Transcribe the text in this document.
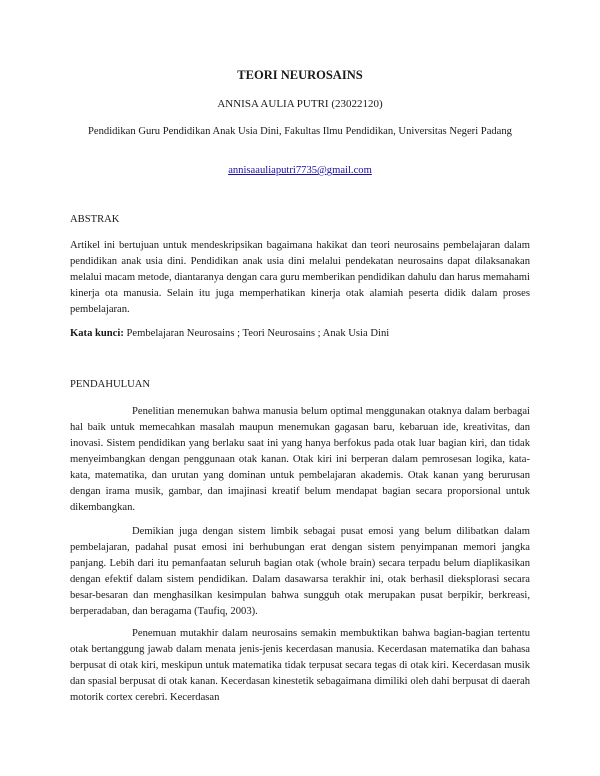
TEORI NEUROSAINS
ANNISA AULIA PUTRI (23022120)
Pendidikan Guru Pendidikan Anak Usia Dini, Fakultas Ilmu Pendidikan, Universitas Negeri Padang
annisaauliaputri7735@gmail.com
ABSTRAK

Artikel ini bertujuan untuk mendeskripsikan bagaimana hakikat dan teori neurosains pembelajaran dalam pendidikan anak usia dini. Pendidikan anak usia dini melalui pendekatan neurosains dapat dilaksanakan melalui macam metode, diantaranya dengan cara guru memberikan pendidikan dahulu dan harus memahami kinerja ota manusia. Selain itu juga memperhatikan kinerja otak alamiah peserta didik dalam proses pembelajaran.

Kata kunci: Pembelajaran Neurosains ; Teori Neurosains ; Anak Usia Dini

PENDAHULUAN

Penelitian menemukan bahwa manusia belum optimal menggunakan otaknya dalam berbagai hal baik untuk memecahkan masalah maupun menemukan gagasan baru, kebaruan ide, kreativitas, dan inovasi. Sistem pendidikan yang berlaku saat ini yang hanya berfokus pada otak luar bagian kiri, dan tidak menyeimbangkan dengan penggunaan otak kanan. Otak kiri ini berperan dalam pemrosesan logika, kata-kata, matematika, dan urutan yang dominan untuk pembelajaran akademis. Otak kanan yang berurusan dengan irama musik, gambar, dan imajinasi kreatif belum mendapat bagian secara proporsional untuk dikembangkan.

Demikian juga dengan sistem limbik sebagai pusat emosi yang belum dilibatkan dalam pembelajaran, padahal pusat emosi ini berhubungan erat dengan sistem penyimpanan memori jangka panjang. Lebih dari itu pemanfaatan seluruh bagian otak (whole brain) secara terpadu belum diaplikasikan dengan efektif dalam sistem pendidikan. Dalam dasawarsa terakhir ini, otak berhasil dieksplorasi secara besar-besaran dan menghasilkan kesimpulan bahwa sungguh otak merupakan pusat berpikir, berkreasi, berperadaban, dan beragama (Taufiq, 2003).

Penemuan mutakhir dalam neurosains semakin membuktikan bahwa bagian-bagian tertentu otak bertanggung jawab dalam menata jenis-jenis kecerdasan manusia. Kecerdasan matematika dan bahasa berpusat di otak kiri, meskipun untuk matematika tidak terpusat secara tegas di otak kiri. Kecerdasan musik dan spasial berpusat di otak kanan. Kecerdasan kinestetik sebagaimana dimiliki oleh dahi berpusat di daerah motorik cortex cerebri. Kecerdasan
